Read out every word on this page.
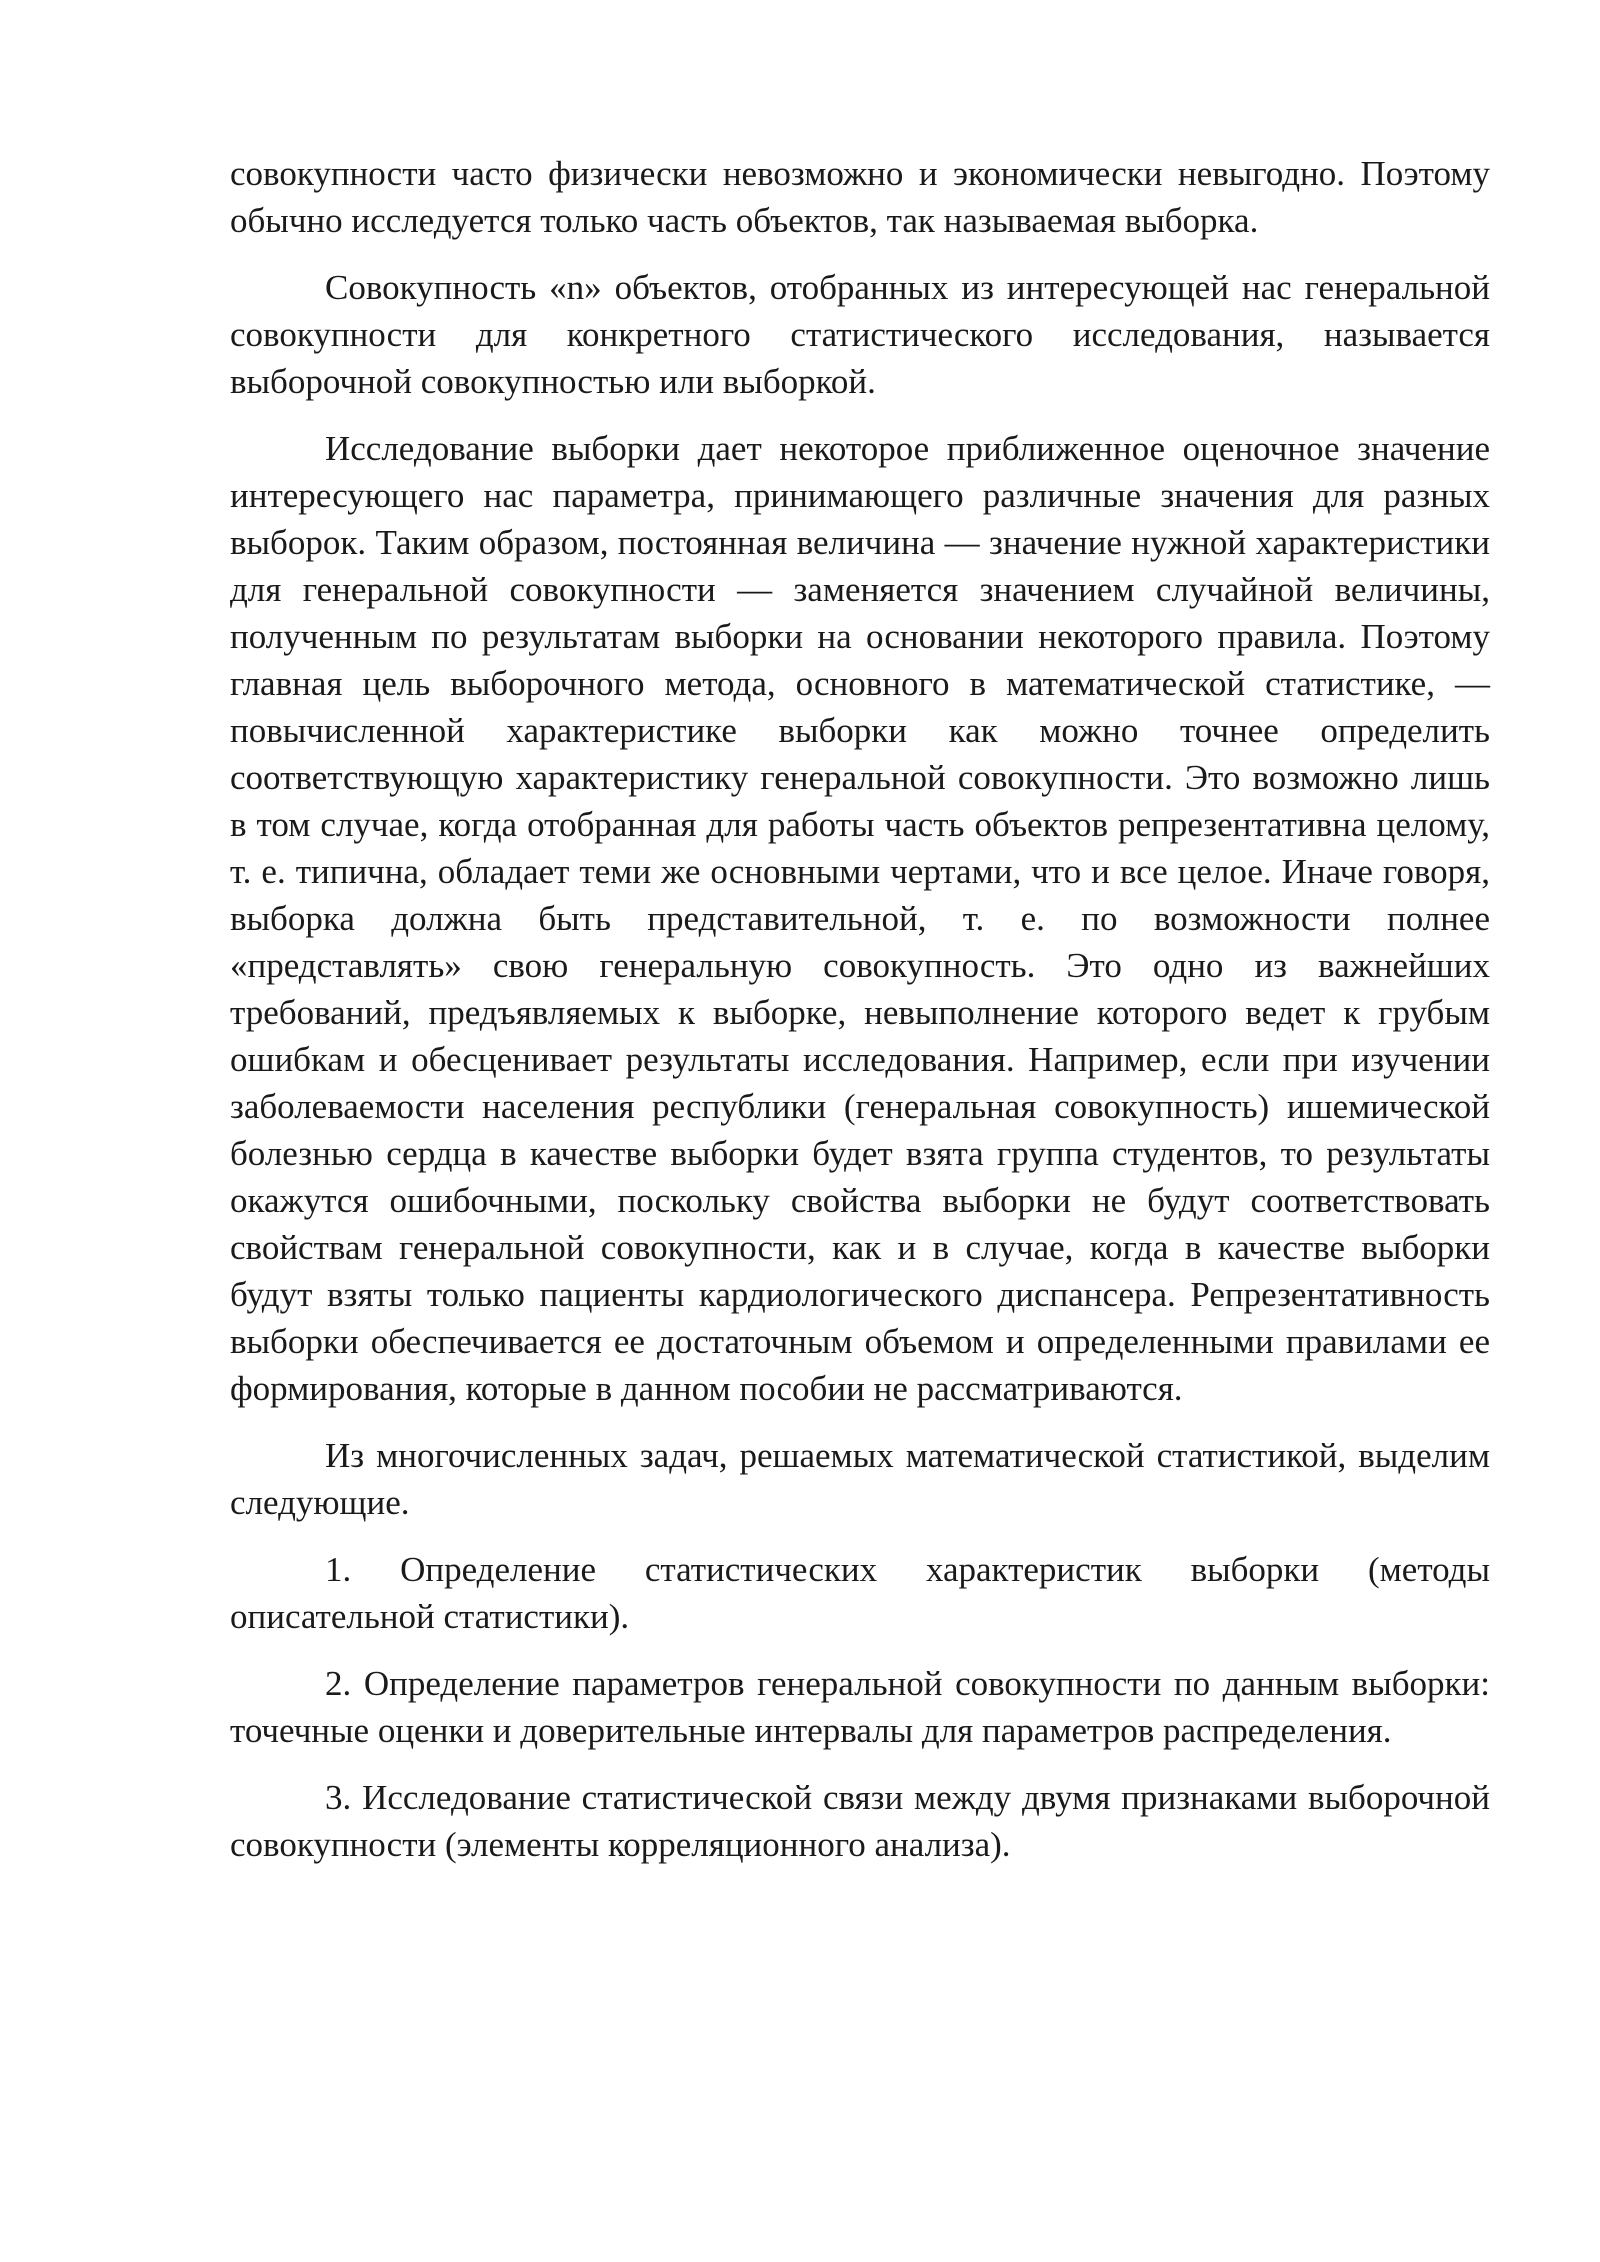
совокупности часто физически невозможно и экономически невыгодно. Поэтому обычно исследуется только часть объектов, так называемая выборка.

Совокупность «n» объектов, отобранных из интересующей нас генеральной совокупности для конкретного статистического исследования, называется выборочной совокупностью или выборкой.

Исследование выборки дает некоторое приближенное оценочное значение интересующего нас параметра, принимающего различные значения для разных выборок. Таким образом, постоянная величина — значение нужной характеристики для генеральной совокупности — заменяется значением случайной величины, полученным по результатам выборки на основании некоторого правила. Поэтому главная цель выборочного метода, основного в математической статистике, — повычисленной характеристике выборки как можно точнее определить соответствующую характеристику генеральной совокупности. Это возможно лишь в том случае, когда отобранная для работы часть объектов репрезентативна целому, т. е. типична, обладает теми же основными чертами, что и все целое. Иначе говоря, выборка должна быть представительной, т. е. по возможности полнее «представлять» свою генеральную совокупность. Это одно из важнейших требований, предъявляемых к выборке, невыполнение которого ведет к грубым ошибкам и обесценивает результаты исследования. Например, если при изучении заболеваемости населения республики (генеральная совокупность) ишемической болезнью сердца в качестве выборки будет взята группа студентов, то результаты окажутся ошибочными, поскольку свойства выборки не будут соответствовать свойствам генеральной совокупности, как и в случае, когда в качестве выборки будут взяты только пациенты кардиологического диспансера. Репрезентативность выборки обеспечивается ее достаточным объемом и определенными правилами ее формирования, которые в данном пособии не рассматриваются.

Из многочисленных задач, решаемых математической статистикой, выделим следующие.

1. Определение статистических характеристик выборки (методы описательной статистики).

2. Определение параметров генеральной совокупности по данным выборки: точечные оценки и доверительные интервалы для параметров распределения.

3. Исследование статистической связи между двумя признаками выборочной совокупности (элементы корреляционного анализа).
